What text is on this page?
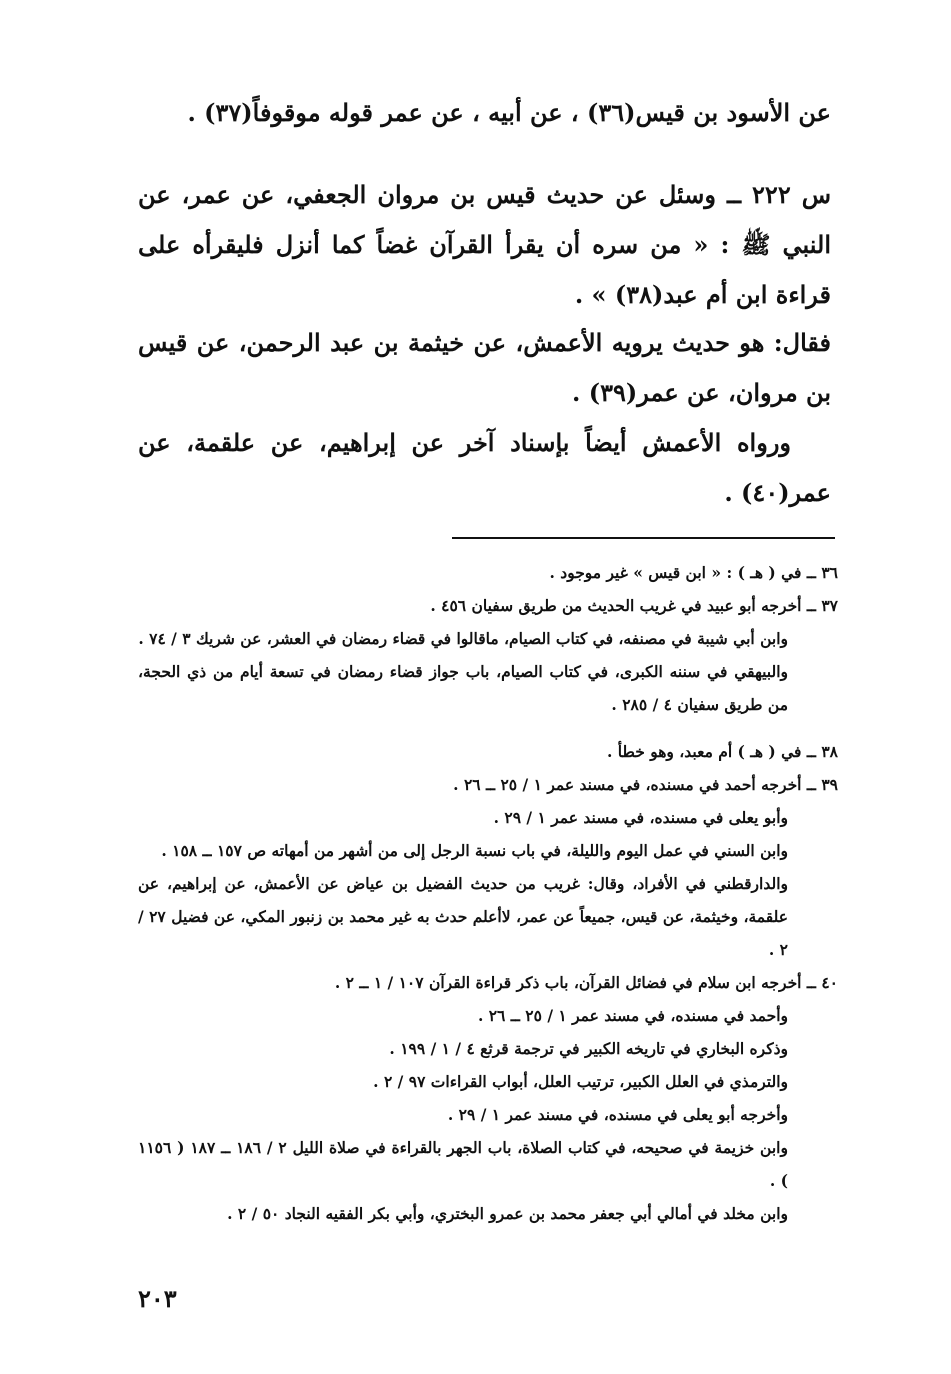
عن الأسود بن قيس(٣٦) ، عن أبيه ، عن عمر قوله موقوفاً(٣٧) .

س ٢٢٢ ــ وسئل عن حديث قيس بن مروان الجعفي، عن عمر، عن النبي ﷺ : « من سره أن يقرأ القرآن غضاً كما أنزل فليقرأه على قراءة ابن أم عبد(٣٨) » .

فقال: هو حديث يرويه الأعمش، عن خيثمة بن عبد الرحمن، عن قيس بن مروان، عن عمر(٣٩) .

ورواه الأعمش أيضاً بإسناد آخر عن إبراهيم، عن علقمة، عن عمر(٤٠) .

٣٦ ــ في ( هـ ) : « ابن قيس » غير موجود .
٣٧ ــ أخرجه أبو عبيد في غريب الحديث من طريق سفيان ٤٥٦ .
وابن أبي شيبة في مصنفه، في كتاب الصيام، ماقالوا في قضاء رمضان في العشر، عن شريك ٣ / ٧٤ .
والبيهقي في سننه الكبرى، في كتاب الصيام، باب جواز قضاء رمضان في تسعة أيام من ذي الحجة، من طريق سفيان ٤ / ٢٨٥ .
٣٨ ــ في ( هـ ) أم معبد، وهو خطأ .
٣٩ ــ أخرجه أحمد في مسنده، في مسند عمر ١ / ٢٥ ــ ٢٦ .
وأبو يعلى في مسنده، في مسند عمر ١ / ٢٩ .
وابن السني في عمل اليوم والليلة، في باب نسبة الرجل إلى من أشهر من أمهاته ص ١٥٧ ــ ١٥٨ .
والدارقطني في الأفراد، وقال: غريب من حديث الفضيل بن عياض عن الأعمش، عن إبراهيم، عن علقمة، وخيثمة، عن قيس، جميعاً عن عمر، لاأعلم حدث به غير محمد بن زنبور المكي، عن فضيل ٢٧ / ٢ .
٤٠ ــ أخرجه ابن سلام في فضائل القرآن، باب ذكر قراءة القرآن ١٠٧ / ١ ــ ٢ .
وأحمد في مسنده، في مسند عمر ١ / ٢٥ ــ ٢٦ .
وذكره البخاري في تاريخه الكبير في ترجمة قرثع ٤ / ١ / ١٩٩ .
والترمذي في العلل الكبير، ترتيب العلل، أبواب القراءات ٩٧ / ٢ .
وأخرجه أبو يعلى في مسنده، في مسند عمر ١ / ٢٩ .
وابن خزيمة في صحيحه، في كتاب الصلاة، باب الجهر بالقراءة في صلاة الليل ٢ / ١٨٦ ــ ١٨٧ ( ١١٥٦ ) .
وابن مخلد في أمالي أبي جعفر محمد بن عمرو البختري، وأبي بكر الفقيه النجاد ٥٠ / ٢ .
٢٠٣
